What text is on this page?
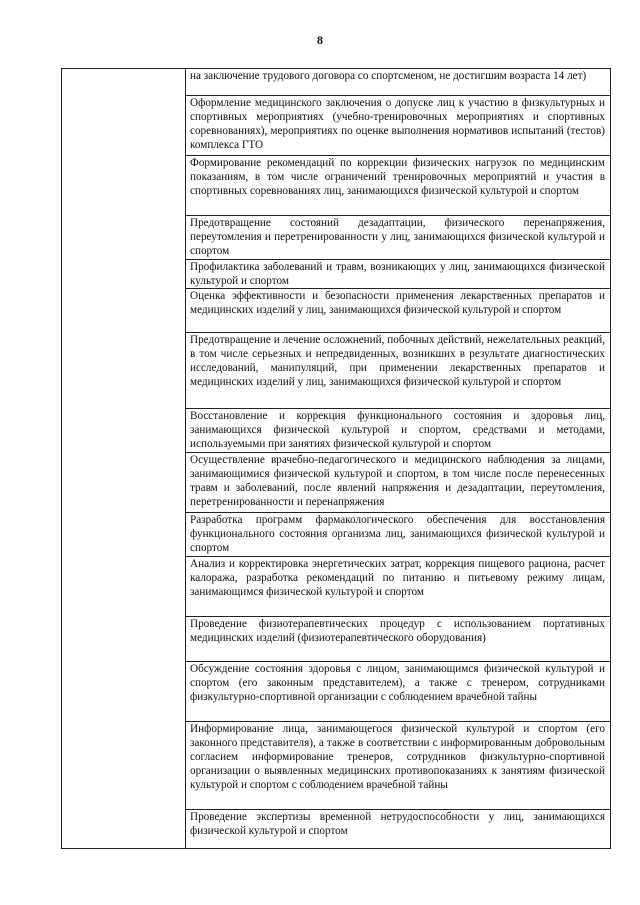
8
на заключение трудового договора со спортсменом, не достигшим возраста 14 лет)
Оформление медицинского заключения о допуске лиц к участию в физкультурных и спортивных мероприятиях (учебно-тренировочных мероприятиях и спортивных соревнованиях), мероприятиях по оценке выполнения нормативов испытаний (тестов) комплекса ГТО
Формирование рекомендаций по коррекции физических нагрузок по медицинским показаниям, в том числе ограничений тренировочных мероприятий и участия в спортивных соревнованиях лиц, занимающихся физической культурой и спортом
Предотвращение состояний дезадаптации, физического перенапряжения, переутомления и перетренированности у лиц, занимающихся физической культурой и спортом
Профилактика заболеваний и травм, возникающих у лиц, занимающихся физической культурой и спортом
Оценка эффективности и безопасности применения лекарственных препаратов и медицинских изделий у лиц, занимающихся физической культурой и спортом
Предотвращение и лечение осложнений, побочных действий, нежелательных реакций, в том числе серьезных и непредвиденных, возникших в результате диагностических исследований, манипуляций, при применении лекарственных препаратов и медицинских изделий у лиц, занимающихся физической культурой и спортом
Восстановление и коррекция функционального состояния и здоровья лиц, занимающихся физической культурой и спортом, средствами и методами, используемыми при занятиях физической культурой и спортом
Осуществление врачебно-педагогического и медицинского наблюдения за лицами, занимающимися физической культурой и спортом, в том числе после перенесенных травм и заболеваний, после явлений напряжения и дезадаптации, переутомления, перетренированности и перенапряжения
Разработка программ фармакологического обеспечения для восстановления функционального состояния организма лиц, занимающихся физической культурой и спортом
Анализ и корректировка энергетических затрат, коррекция пищевого рациона, расчет калоража, разработка рекомендаций по питанию и питьевому режиму лицам, занимающимся физической культурой и спортом
Проведение физиотерапевтических процедур с использованием портативных медицинских изделий (физиотерапевтического оборудования)
Обсуждение состояния здоровья с лицом, занимающимся физической культурой и спортом (его законным представителем), а также с тренером, сотрудниками физкультурно-спортивной организации с соблюдением врачебной тайны
Информирование лица, занимающегося физической культурой и спортом (его законного представителя), а также в соответствии с информированным добровольным согласием информирование тренеров, сотрудников физкультурно-спортивной организации о выявленных медицинских противопоказаниях к занятиям физической культурой и спортом с соблюдением врачебной тайны
Проведение экспертизы временной нетрудоспособности у лиц, занимающихся физической культурой и спортом
